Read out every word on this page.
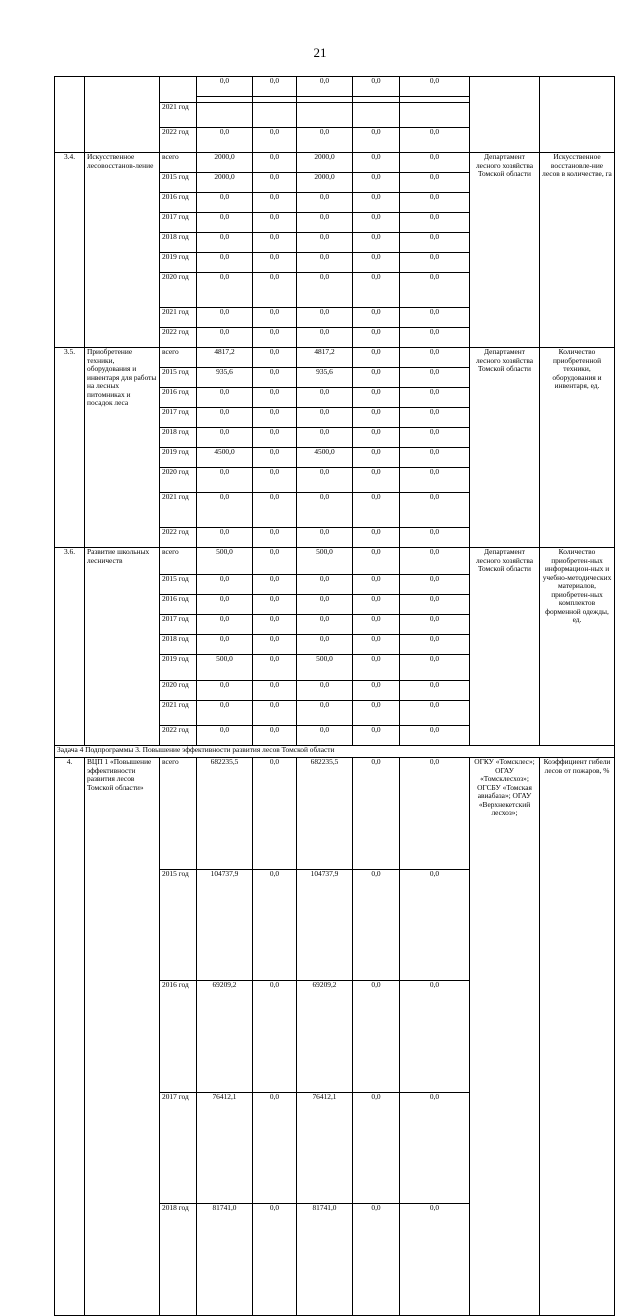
21
			0,0	0,0	0,0	0,0	0,0			

		2021 год								
		2022 год	0,0	0,0	0,0	0,0	0,0	
3.4.	Искусственное лесовосстанов-ление	всего	2000,0	0,0	2000,0	0,0	0,0	Департамент лесного хозяйства Томской области	Искусственное восстановле-ние лесов в количестве, га	
		2015 год	2000,0	0,0	2000,0	0,0	0,0	
		2016 год	0,0	0,0	0,0	0,0	0,0	
		2017 год	0,0	0,0	0,0	0,0	0,0	
		2018 год	0,0	0,0	0,0	0,0	0,0	
		2019 год	0,0	0,0	0,0	0,0	0,0	
		2020 год	0,0	0,0	0,0	0,0	0,0	
		2021 год	0,0	0,0	0,0	0,0	0,0	
		2022 год	0,0	0,0	0,0	0,0	0,0	
3.5.	Приобретение техники, оборудования и инвентаря для работы на лесных питомниках и посадок леса	всего	4817,2	0,0	4817,2	0,0	0,0	Департамент лесного хозяйства Томской области	Количество приобретенной техники, оборудования и инвентаря, ед.	
		2015 год	935,6	0,0	935,6	0,0	0,0	
		2016 год	0,0	0,0	0,0	0,0	0,0	
		2017 год	0,0	0,0	0,0	0,0	0,0	
		2018 год	0,0	0,0	0,0	0,0	0,0	
		2019 год	4500,0	0,0	4500,0	0,0	0,0	
		2020 год	0,0	0,0	0,0	0,0	0,0	
		2021 год	0,0	0,0	0,0	0,0	0,0	
		2022 год	0,0	0,0	0,0	0,0	0,0	
3.6.	Развитие школьных лесничеств	всего	500,0	0,0	500,0	0,0	0,0	Департамент лесного хозяйства Томской области	Количество приобретен-ных информацион-ных и учебно-методических материалов, приобретен-ных комплектов форменной одежды, ед.	
		2015 год	0,0	0,0	0,0	0,0	0,0	
		2016 год	0,0	0,0	0,0	0,0	0,0	
		2017 год	0,0	0,0	0,0	0,0	0,0	
		2018 год	0,0	0,0	0,0	0,0	0,0	
		2019 год	500,0	0,0	500,0	0,0	0,0	
		2020 год	0,0	0,0	0,0	0,0	0,0	
		2021 год	0,0	0,0	0,0	0,0	0,0	
		2022 год	0,0	0,0	0,0	0,0	0,0	
Задача 4 Подпрограммы 3. Повышение эффективности развития лесов Томской области										
4.	ВЦП 1 «Повышение эффективности развития лесов Томской области»	всего	682235,5	0,0	682235,5	0,0	0,0	ОГКУ «Томсклес»; ОГАУ «Томсклесхоз»; ОГСБУ «Томская авиабаза»; ОГАУ «Верхнекетский лесхоз»;	Коэффициент гибели лесов от пожаров, %	
		2015 год	104737,9	0,0	104737,9	0,0	0,0	
		2016 год	69209,2	0,0	69209,2	0,0	0,0	
		2017 год	76412,1	0,0	76412,1	0,0	0,0	
		2018 год	81741,0	0,0	81741,0	0,0	0,0	
